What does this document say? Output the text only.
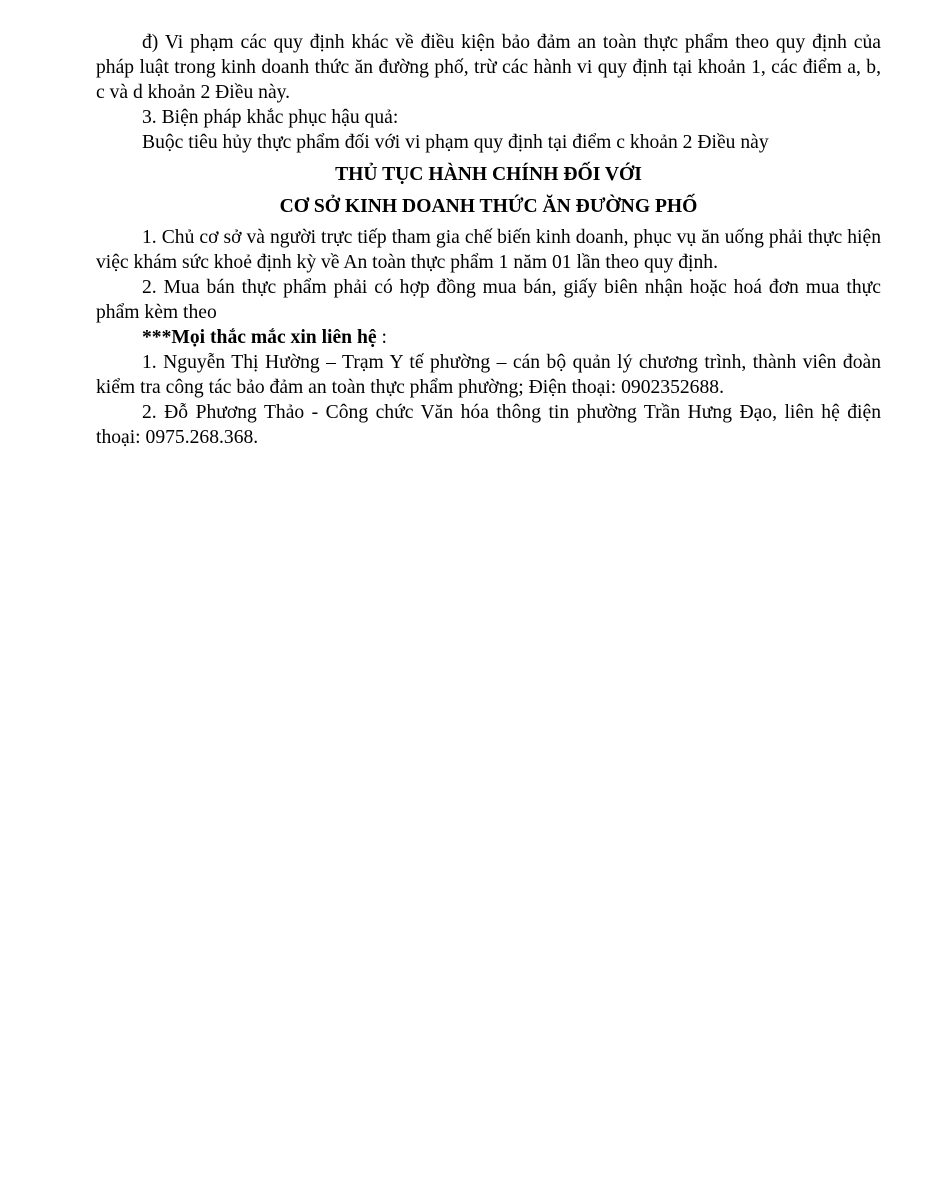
đ) Vi phạm các quy định khác về điều kiện bảo đảm an toàn thực phẩm theo quy định của pháp luật trong kinh doanh thức ăn đường phố, trừ các hành vi quy định tại khoản 1, các điểm a, b, c và d khoản 2 Điều này.

3. Biện pháp khắc phục hậu quả:

Buộc tiêu hủy thực phẩm đối với vi phạm quy định tại điểm c khoản 2 Điều này

THỦ TỤC HÀNH CHÍNH ĐỐI VỚI

CƠ SỞ KINH DOANH THỨC ĂN ĐƯỜNG PHỐ

1. Chủ cơ sở và người trực tiếp tham gia chế biến kinh doanh, phục vụ ăn uống phải thực hiện việc khám sức khoẻ định kỳ về An toàn thực phẩm 1 năm 01 lần theo quy định.

2. Mua bán thực phẩm phải có hợp đồng mua bán, giấy biên nhận hoặc hoá đơn mua thực phẩm kèm theo

***Mọi thắc mắc xin liên hệ :

1. Nguyễn Thị Hường – Trạm Y tế phường – cán bộ quản lý chương trình, thành viên đoàn kiểm tra công tác bảo đảm an toàn thực phẩm phường; Điện thoại: 0902352688.

2. Đỗ Phương Thảo - Công chức Văn hóa thông tin phường Trần Hưng Đạo, liên hệ điện thoại: 0975.268.368.
